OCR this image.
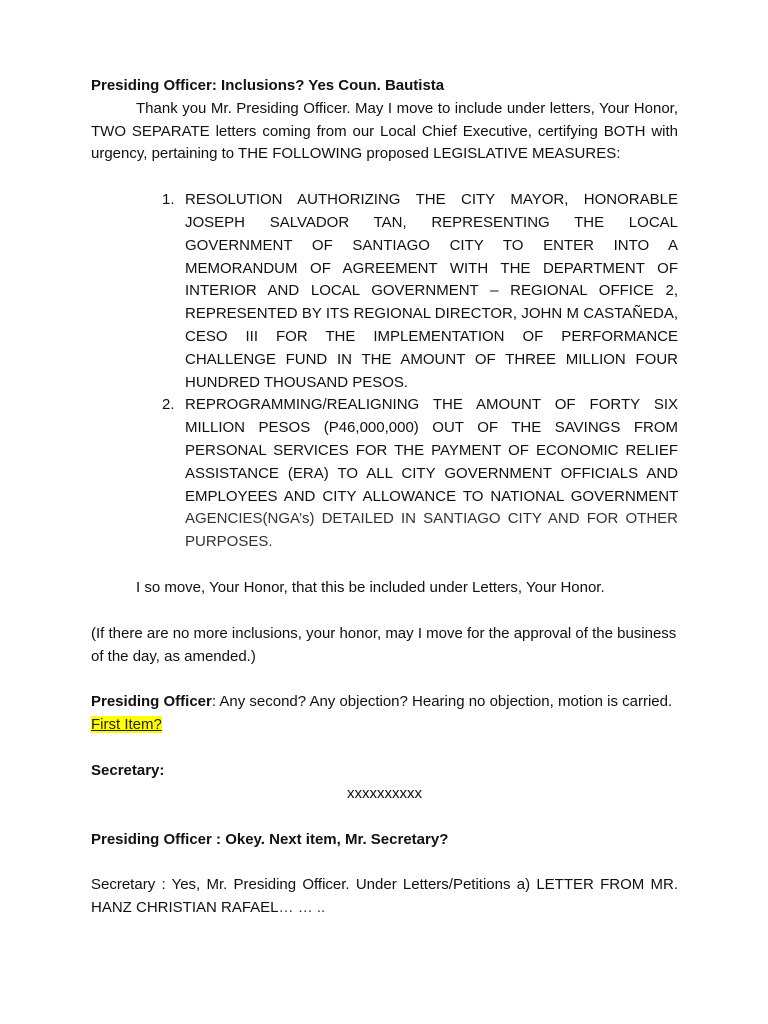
Presiding Officer: Inclusions? Yes Coun. Bautista

Thank you Mr. Presiding Officer. May I move to include under letters, Your Honor, TWO SEPARATE letters coming from our Local Chief Executive, certifying BOTH with urgency, pertaining to THE FOLLOWING proposed LEGISLATIVE MEASURES:

1. RESOLUTION AUTHORIZING THE CITY MAYOR, HONORABLE JOSEPH SALVADOR TAN, REPRESENTING THE LOCAL GOVERNMENT OF SANTIAGO CITY TO ENTER INTO A MEMORANDUM OF AGREEMENT WITH THE DEPARTMENT OF INTERIOR AND LOCAL GOVERNMENT – REGIONAL OFFICE 2, REPRESENTED BY ITS REGIONAL DIRECTOR, JOHN M CASTAÑEDA, CESO III FOR THE IMPLEMENTATION OF PERFORMANCE CHALLENGE FUND IN THE AMOUNT OF THREE MILLION FOUR HUNDRED THOUSAND PESOS.
2. REPROGRAMMING/REALIGNING THE AMOUNT OF FORTY SIX MILLION PESOS (P46,000,000) OUT OF THE SAVINGS FROM PERSONAL SERVICES FOR THE PAYMENT OF ECONOMIC RELIEF ASSISTANCE (ERA) TO ALL CITY GOVERNMENT OFFICIALS AND EMPLOYEES AND CITY ALLOWANCE TO NATIONAL GOVERNMENT AGENCIES(NGA’s) DETAILED IN SANTIAGO CITY AND FOR OTHER PURPOSES.

I so move, Your Honor, that this be included under Letters, Your Honor.

(If there are no more inclusions, your honor, may I move for the approval of the business of the day, as amended.)

Presiding Officer: Any second? Any objection? Hearing no objection, motion is carried.

First Item?

Secretary:

xxxxxxxxxx

Presiding Officer : Okey. Next item, Mr. Secretary?

Secretary : Yes, Mr. Presiding Officer. Under Letters/Petitions a) LETTER FROM MR. HANZ CHRISTIAN RAFAEL… … ..
